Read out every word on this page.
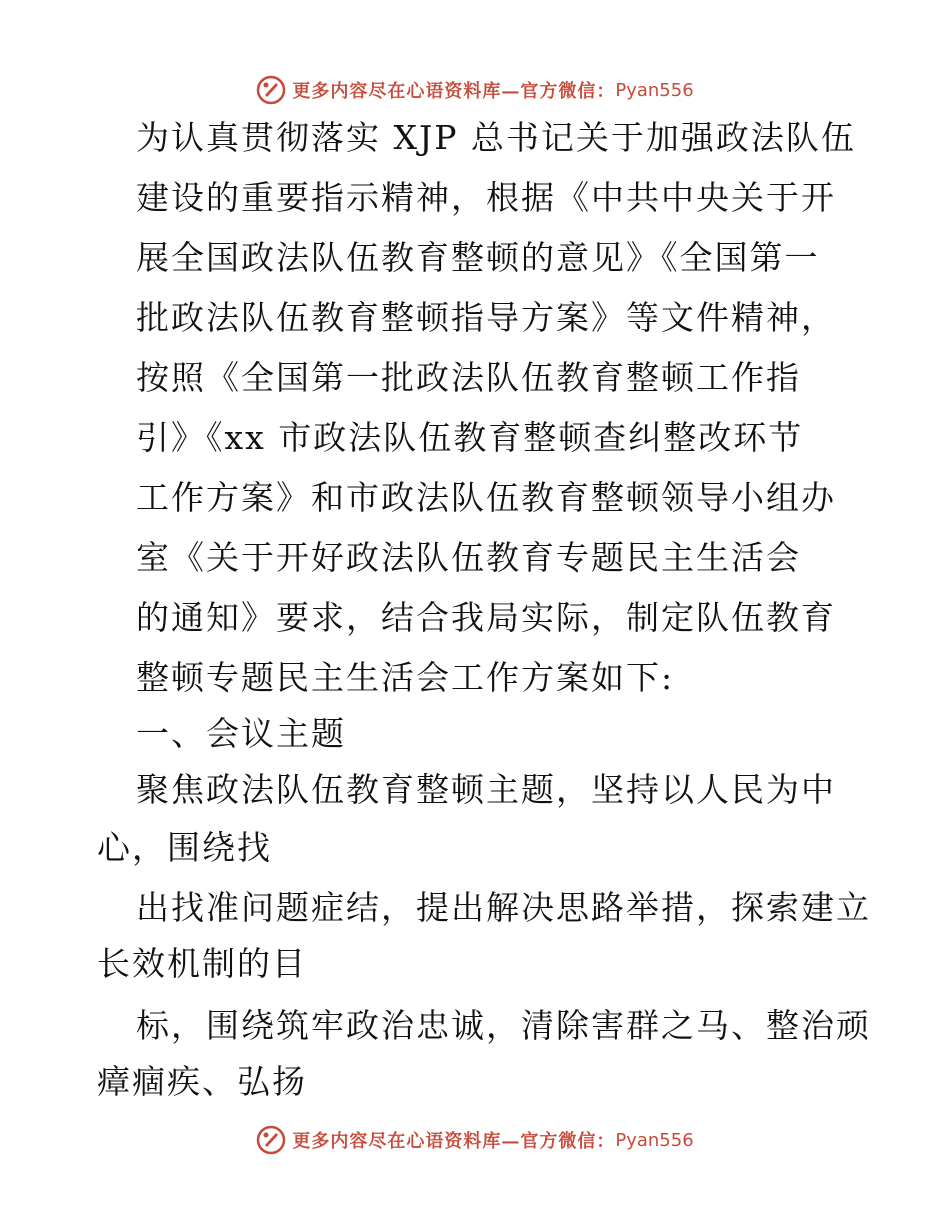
更多内容尽在心语资料库—官方微信： Pyan556
为认真贯彻落实 XJP 总书记关于加强政法队伍
建设的重要指示精神，根据《中共中央关于开
展全国政法队伍教育整顿的意见》《全国第一
批政法队伍教育整顿指导方案》等文件精神，
按照《全国第一批政法队伍教育整顿工作指
引》《xx 市政法队伍教育整顿查纠整改环节
工作方案》和市政法队伍教育整顿领导小组办
室《关于开好政法队伍教育专题民主生活会
的通知》要求，结合我局实际，制定队伍教育
整顿专题民主生活会工作方案如下:
一、会议主题
聚焦政法队伍教育整顿主题，坚持以人民为中
心，围绕找
出找准问题症结，提出解决思路举措，探索建立
长效机制的目
标，围绕筑牢政治忠诚，清除害群之马、整治顽
瘴痼疾、弘扬
更多内容尽在心语资料库—官方微信： Pyan556
